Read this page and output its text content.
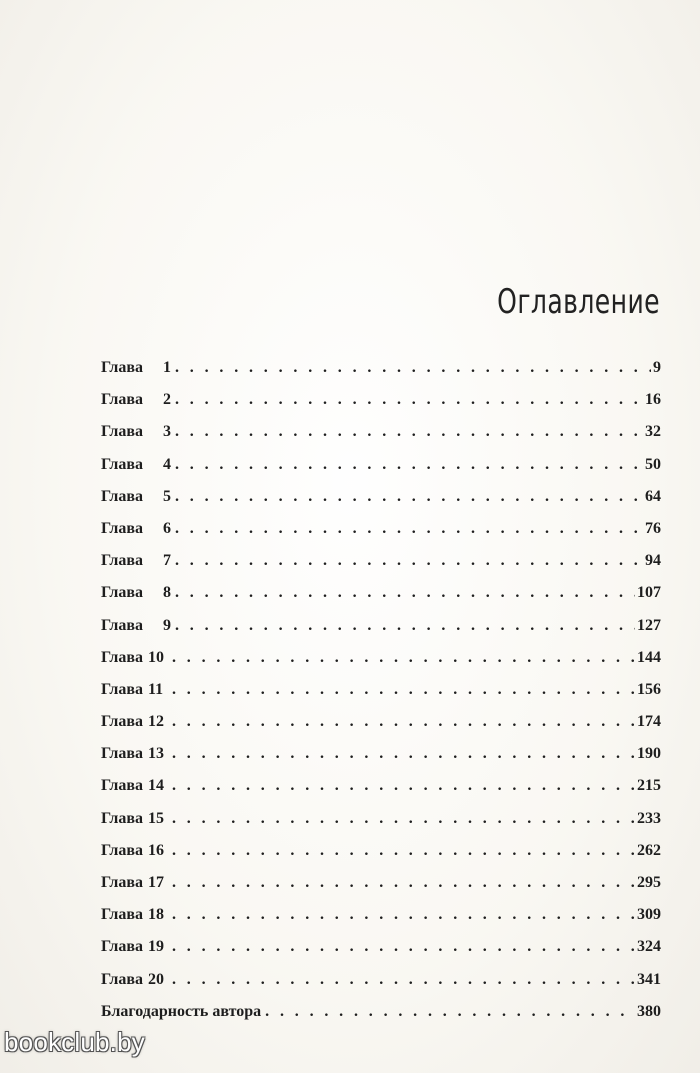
Оглавление
Глава	1 . . .	9
Глава	2 . . .	16
Глава	3 . . .	32
Глава	4 . . .	50
Глава	5 . . .	64
Глава	6 . . .	76
Глава	7 . . .	94
Глава	8 . . .	107
Глава	9 . . .	127
Глава 10 . . .	144
Глава 11 . . .	156
Глава 12 . . .	174
Глава 13 . . .	190
Глава 14 . . .	215
Глава 15 . . .	233
Глава 16 . . .	262
Глава 17 . . .	295
Глава 18 . . .	309
Глава 19 . . .	324
Глава 20 . . .	341
Благодарность автора . . .	380
bookclub.by
